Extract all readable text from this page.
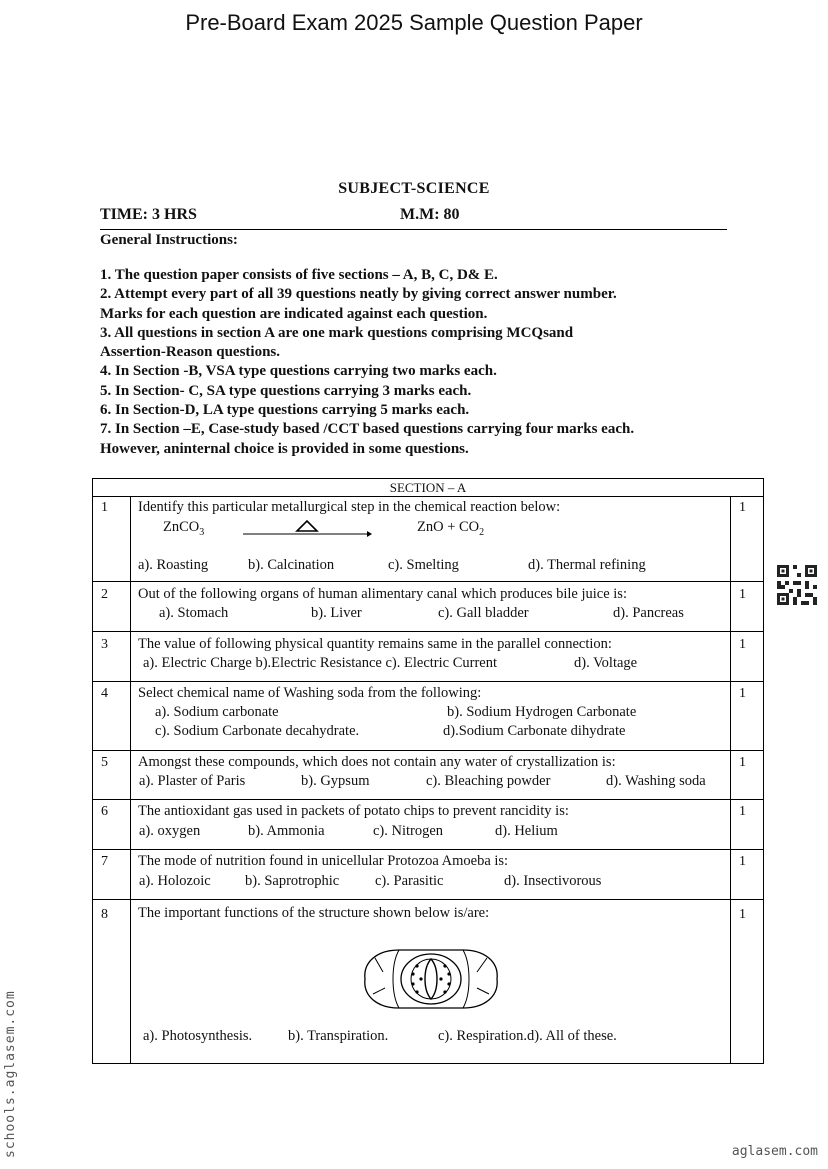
Pre-Board Exam 2025 Sample Question Paper
SUBJECT-SCIENCE
TIME: 3 HRS	M.M: 80
General Instructions:
1. The question paper consists of five sections – A, B, C, D& E.
2. Attempt every part of all 39 questions neatly by giving correct answer number.
Marks for each question are indicated against each question.
3. All questions in section A are one mark questions comprising MCQsand
Assertion-Reason questions.
4. In Section -B, VSA type questions carrying two marks each.
5. In Section- C, SA type questions carrying 3 marks each.
6. In Section-D, LA type questions carrying 5 marks each.
7. In Section –E, Case-study based /CCT based questions carrying four marks each.
However, aninternal choice is provided in some questions.
SECTION – A
1 Identify this particular metallurgical step in the chemical reaction below:
ZnCO$_3$	ZnO + $CO_2$
a). Roasting	b). Calcination	c). Smelting	d). Thermal refining
1
2 Out of the following organs of human alimentary canal which produces bile juice is:
a). Stomach	b). Liver	c). Gall bladder	d). Pancreas
1
3 The value of following physical quantity remains same in the parallel connection:
a). Electric Charge b).Electric Resistance c). Electric Current	d). Voltage
1
4 Select chemical name of Washing soda from the following:
a). Sodium carbonate	b). Sodium Hydrogen Carbonate
c). Sodium Carbonate decahydrate.	d).Sodium Carbonate dihydrate
1
5 Amongst these compounds, which does not contain any water of crystallization is:
a). Plaster of Paris	b). Gypsum	c). Bleaching powder	d). Washing soda
1
6 The antioxidant gas used in packets of potato chips to prevent rancidity is:
a). oxygen	b). Ammonia	c). Nitrogen	d). Helium
1
7 The mode of nutrition found in unicellular Protozoa Amoeba is:
a). Holozoic b). Saprotrophic c). Parasitic	d). Insectivorous
1
8 The important functions of the structure shown below is/are:
a). Photosynthesis. b). Transpiration.	c). Respiration.d). All of these.
1
schools.aglasem.com	aglasem.com
